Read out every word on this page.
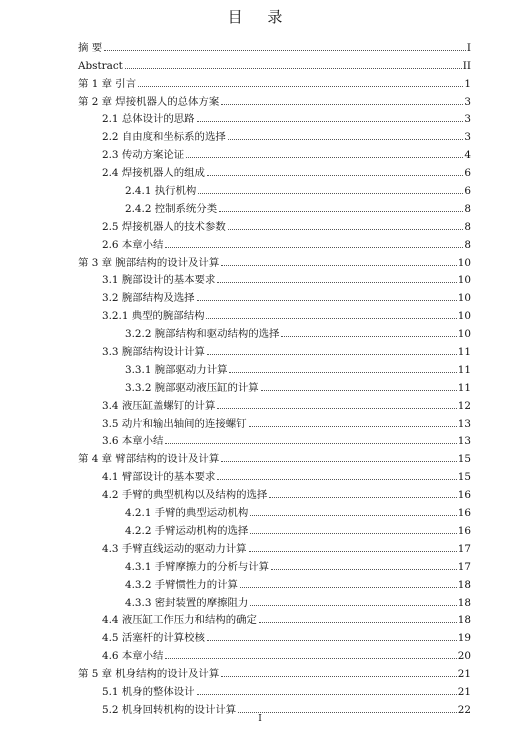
目 录
摘 要	I
Abstract	II
第 1 章 引言	1
第 2 章 焊接机器人的总体方案	3
2.1 总体设计的思路	3
2.2 自由度和坐标系的选择	3
2.3 传动方案论证	4
2.4 焊接机器人的组成	6
2.4.1 执行机构	6
2.4.2 控制系统分类	8
2.5 焊接机器人的技术参数	8
2.6 本章小结	8
第 3 章 腕部结构的设计及计算	10
3.1 腕部设计的基本要求	10
3.2 腕部结构及选择	10
3.2.1 典型的腕部结构	10
3.2.2 腕部结构和驱动结构的选择	10
3.3 腕部结构设计计算	11
3.3.1 腕部驱动力计算	11
3.3.2 腕部驱动液压缸的计算	11
3.4 液压缸盖螺钉的计算	12
3.5 动片和输出轴间的连接螺钉	13
3.6 本章小结	13
第 4 章 臂部结构的设计及计算	15
4.1 臂部设计的基本要求	15
4.2 手臂的典型机构以及结构的选择	16
4.2.1 手臂的典型运动机构	16
4.2.2 手臂运动机构的选择	16
4.3 手臂直线运动的驱动力计算	17
4.3.1 手臂摩擦力的分析与计算	17
4.3.2 手臂惯性力的计算	18
4.3.3 密封装置的摩擦阻力	18
4.4 液压缸工作压力和结构的确定	18
4.5 活塞杆的计算校核	19
4.6 本章小结	20
第 5 章 机身结构的设计及计算	21
5.1 机身的整体设计	21
5.2 机身回转机构的设计计算	22
I
